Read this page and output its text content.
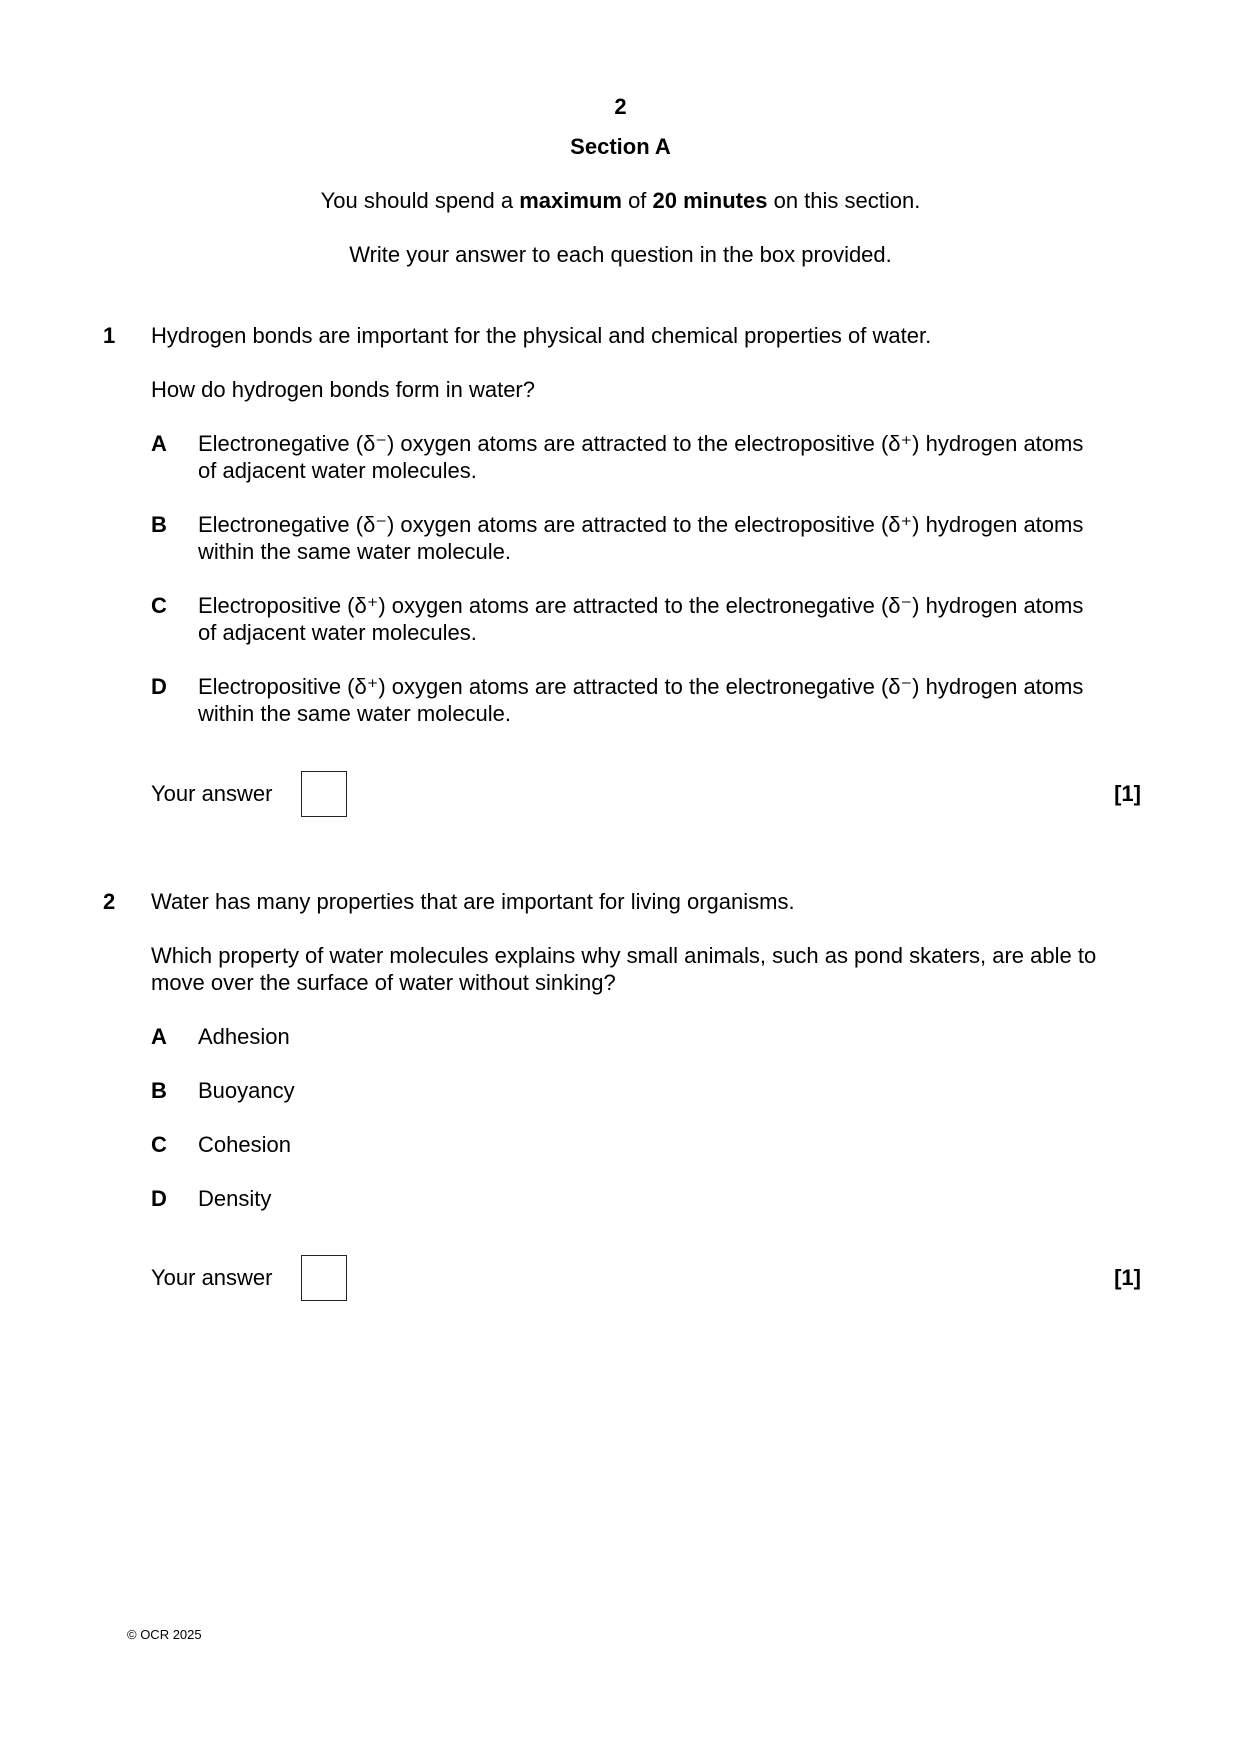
2
Section A
You should spend a maximum of 20 minutes on this section.
Write your answer to each question in the box provided.
1 Hydrogen bonds are important for the physical and chemical properties of water.
How do hydrogen bonds form in water?
A Electronegative (δ⁻) oxygen atoms are attracted to the electropositive (δ⁺) hydrogen atoms
of adjacent water molecules.
B Electronegative (δ⁻) oxygen atoms are attracted to the electropositive (δ⁺) hydrogen atoms
within the same water molecule.
C Electropositive (δ⁺) oxygen atoms are attracted to the electronegative (δ⁻) hydrogen atoms
of adjacent water molecules.
D Electropositive (δ⁺) oxygen atoms are attracted to the electronegative (δ⁻) hydrogen atoms
within the same water molecule.
Your answer	[1]
2 Water has many properties that are important for living organisms.
Which property of water molecules explains why small animals, such as pond skaters, are able to
move over the surface of water without sinking?
A Adhesion
B Buoyancy
C Cohesion
D Density
Your answer	[1]
© OCR 2025
